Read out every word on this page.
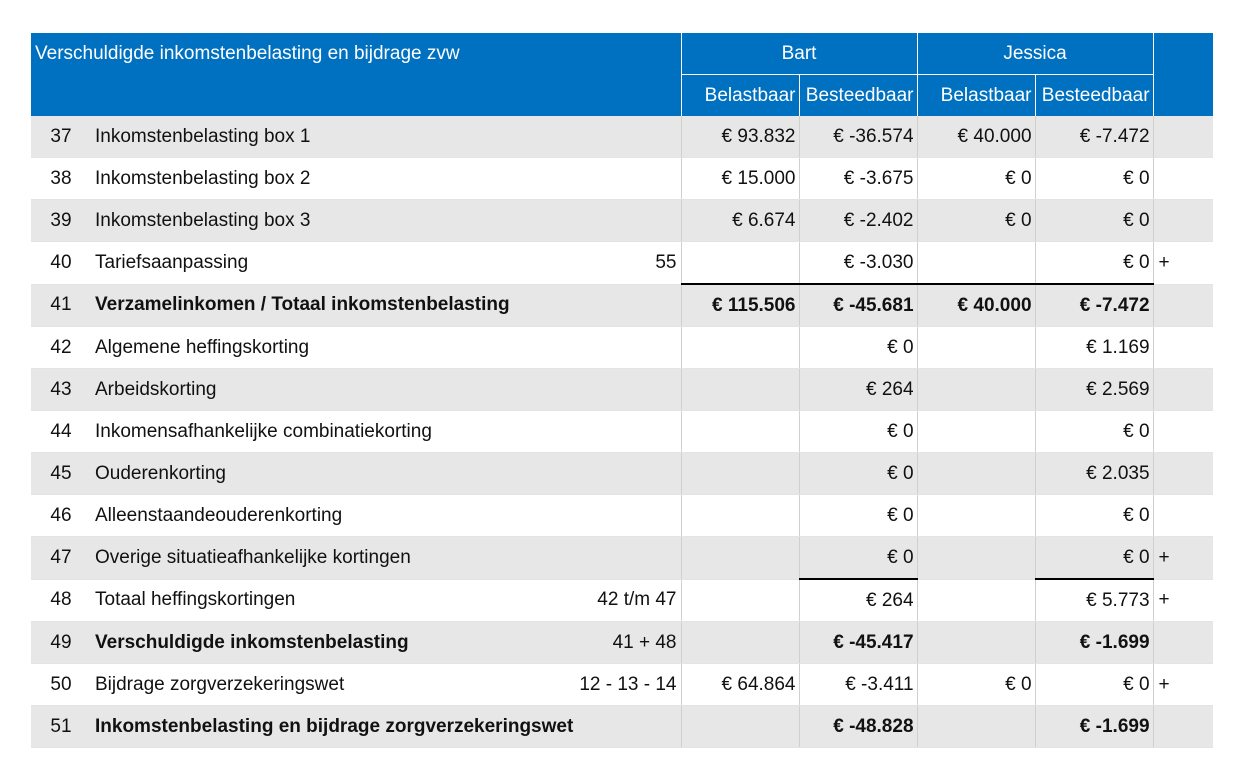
Verschuldigde inkomstenbelasting en bijdrage zvw			Bart		Jessica		
			Belastbaar	Besteedbaar	Belastbaar	Besteedbaar	
37	Inkomstenbelasting box 1		€ 93.832	€ -36.574	€ 40.000	€ -7.472	
38	Inkomstenbelasting box 2		€ 15.000	€ -3.675	€ 0	€ 0	
39	Inkomstenbelasting box 3		€ 6.674	€ -2.402	€ 0	€ 0	
40	Tariefsaanpassing	55		€ -3.030		€ 0	+
41	Verzamelinkomen / Totaal inkomstenbelasting		€ 115.506	€ -45.681	€ 40.000	€ -7.472	
42	Algemene heffingskorting			€ 0		€ 1.169	
43	Arbeidskorting			€ 264		€ 2.569	
44	Inkomensafhankelijke combinatiekorting			€ 0		€ 0	
45	Ouderenkorting			€ 0		€ 2.035	
46	Alleenstaandeouderenkorting			€ 0		€ 0	
47	Overige situatieafhankelijke kortingen			€ 0		€ 0	+
48	Totaal heffingskortingen	42 t/m 47		€ 264		€ 5.773	+
49	Verschuldigde inkomstenbelasting	41 + 48		€ -45.417		€ -1.699	
50	Bijdrage zorgverzekeringswet	12 - 13 - 14	€ 64.864	€ -3.411	€ 0	€ 0	+
51	Inkomstenbelasting en bijdrage zorgverzekeringswet			€ -48.828		€ -1.699	
